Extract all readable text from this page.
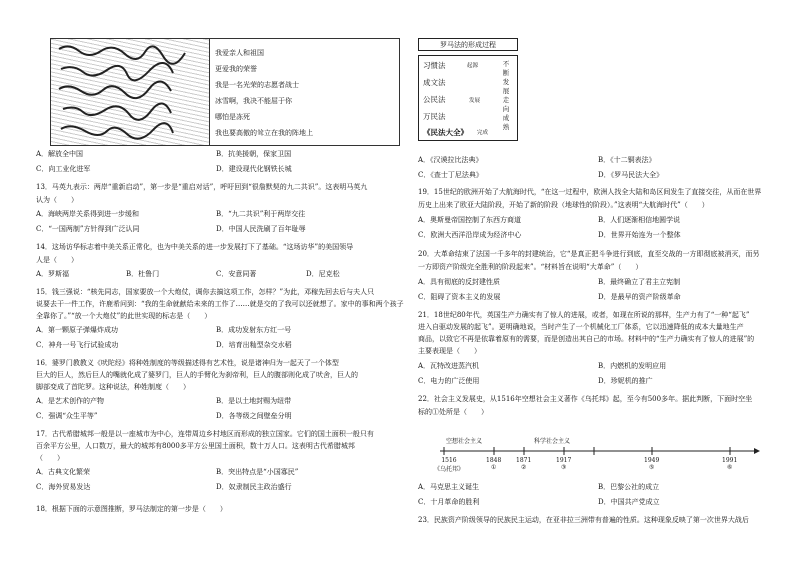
我爱亲人和祖国
更爱我的荣誉
我是一名光荣的志愿者战士
冰雪啊，我决不能屈于你
哪怕是冻死
我也要高傲的耸立在我的阵地上
A．解放全中国	B．抗美援朝，保家卫国
C．向工业化进军	D．建设现代化钢铁长城
13．马英九表示：两岸“重新启动”，第一步是“重启对话”，呼吁回到“很詹默契的九二共识”。这表明马英九
认为（　　）
A．海峡两岸关系得到进一步缓和	B．“九二共识”利于两岸交往
C．“一国两制”方针得到广泛认同	D．中国人民洗刷了百年耻辱
14．这场访华标志着中美关系正常化，也为中美关系的进一步发展打下了基础。“这场访华”的美国领导
人是（　　）
A．罗斯福	B．杜鲁门	C．安意同著	D．尼克松
15．钱三强说：“核先同志，国家要放一个大炮仗，调你去搞这项工作，怎样？”为此，邓稼先回去后与夫人只
说要去干一件工作，许鹿希问到：“我的生命就献给未来的工作了……就是交的了我可以还就想了。家中的事和两个孩子
全靠你了。”“放一个大炮仗”的此世实现的标志是（　　）
A．第一颗原子弹爆炸成功	B．成功发射东方红一号
C．神舟一号飞行试验成功	D．培育出籼型杂交水稻
16．婆罗门教教义《吠陀经》将种姓制度的等级描述得有艺术性，说是诸神归为一起天了一个体型
巨大的巨人，然后巨人的嘴就化成了婆罗门，巨人的手臂化为刹帝利，巨人的腹部则化成了吠舍，巨人的
脚部变成了首陀罗。这种说法，种姓制度（　　）
A．是艺术创作的产物	B．是以土地封赐为纽带
C．强调“众生平等”	D．各等级之间壁垒分明
17．古代希腊城邦一般是以一座城市为中心，连带周边乡村地区而形成的独立国家。它们的国土面积一般只有
百余平方公里，人口数万，最大的城邦有8000多平方公里国土面积，数十万人口。这表明古代希腊城邦
（　　）
A．古典文化繁荣	B．突出特点是“小国寡民”
C．海外贸易发达	D．奴隶制民主政治盛行
18．根据下面的示意图推断，罗马法制定的第一步是（　　）
罗马法的形成过程
习惯法
成文法
公民法
万民法
《民法大全》
起源
发展
完成
不断发展走向成熟
A．《汉谟拉比法典》	B．《十二铜表法》
C．《查士丁尼法典》	D．《罗马民法大全》
19．15世纪的欧洲开始了大航海时代，“在这一过程中，欧洲人找全大陆和岛区间发生了直接交往，从而在世界
历史上出来了欧亚大陆阶段，开始了新的阶段（地球性的阶段）。”这表明“大航海时代”（　　）
A．奥斯曼帝国控制了东西方商道	B．人们逐渐相信地圆学说
C．欧洲大西洋沿岸成为经济中心	D．世界开始连为一个整体
20．大革命结束了法国一千多年的封建统治，它“是真正把斗争进行到底，直至交战的一方即彻底被消灭，而另
一方即资产阶级完全胜利的阶段起来”。“材料旨在说明“大革命”（　　）
A．具有彻底的反封建性质	B．最终确立了君主立宪制
C．阻碍了资本主义的发展	D．是最早的资产阶级革命
21．18世纪80年代，英国生产力确实有了惊人的进展，或者，如现在所说的那样，生产力有了“一种“起飞”
进入自驱动发展的起飞”。更明确地说，当时产生了一个机械化工厂体系，它以迅速降低的成本大量地生产
商品，以致它不再是依靠着原有的需要，而是创造出其自己的市场。材料中的“生产力确实有了惊人的进展”的
主要表现是（　　）
A．瓦特改进蒸汽机	B．内燃机的发明应用
C．电力的广泛使用	D．珍妮机的推广
22．社会主义发展史，从1516年空想社会主义著作《乌托邦》起，至今有500多年。据此判断，下面时空坐
标的①处所是（　　）
空想社会主义	科学社会主义
1516
《乌托邦》
1848
①
1871
②
1917
③
1949
⑤
1991
⑥
A．马克思主义诞生	B．巴黎公社的成立
C．十月革命的胜利	D．中国共产党成立
23．民族资产阶级领导的民族民主运动，在亚非拉三洲带有普遍的性质。这种现象反映了第一次世界大战后
